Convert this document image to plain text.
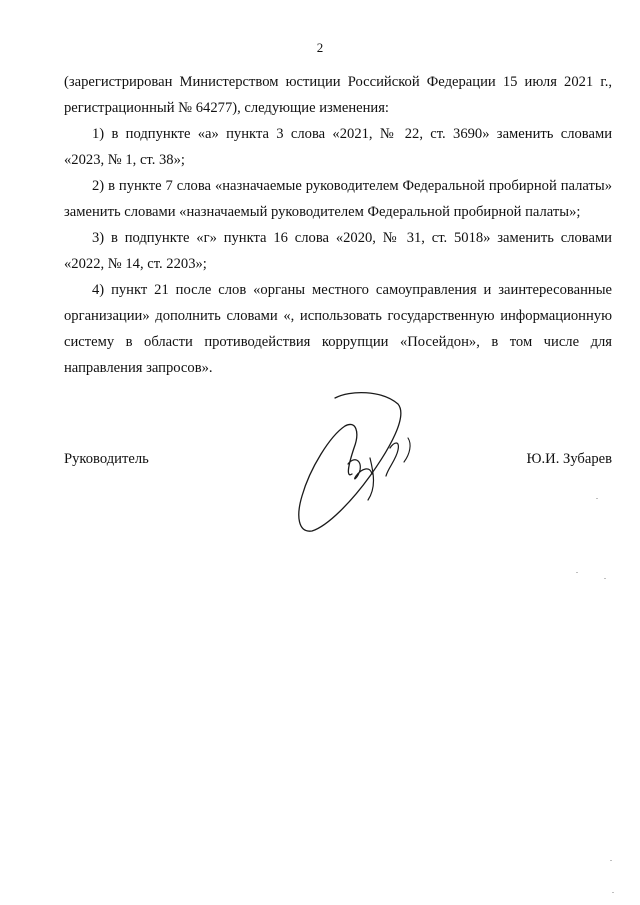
2
(зарегистрирован Министерством юстиции Российской Федерации 15 июля 2021 г.,
регистрационный № 64277), следующие изменения:
1) в подпункте «а» пункта 3 слова «2021, № 22, ст. 3690» заменить словами
«2023, № 1, ст. 38»;
2) в пункте 7 слова «назначаемые руководителем Федеральной пробирной палаты»
заменить словами «назначаемый руководителем Федеральной пробирной палаты»;
3) в подпункте «г» пункта 16 слова «2020, № 31, ст. 5018» заменить словами
«2022, № 14, ст. 2203»;
4) пункт 21 после слов «органы местного самоуправления и заинтересованные
организации» дополнить словами «, использовать государственную информационную
систему в области противодействия коррупции «Посейдон», в том числе для
направления запросов».
Руководитель	Ю.И. Зубарев
